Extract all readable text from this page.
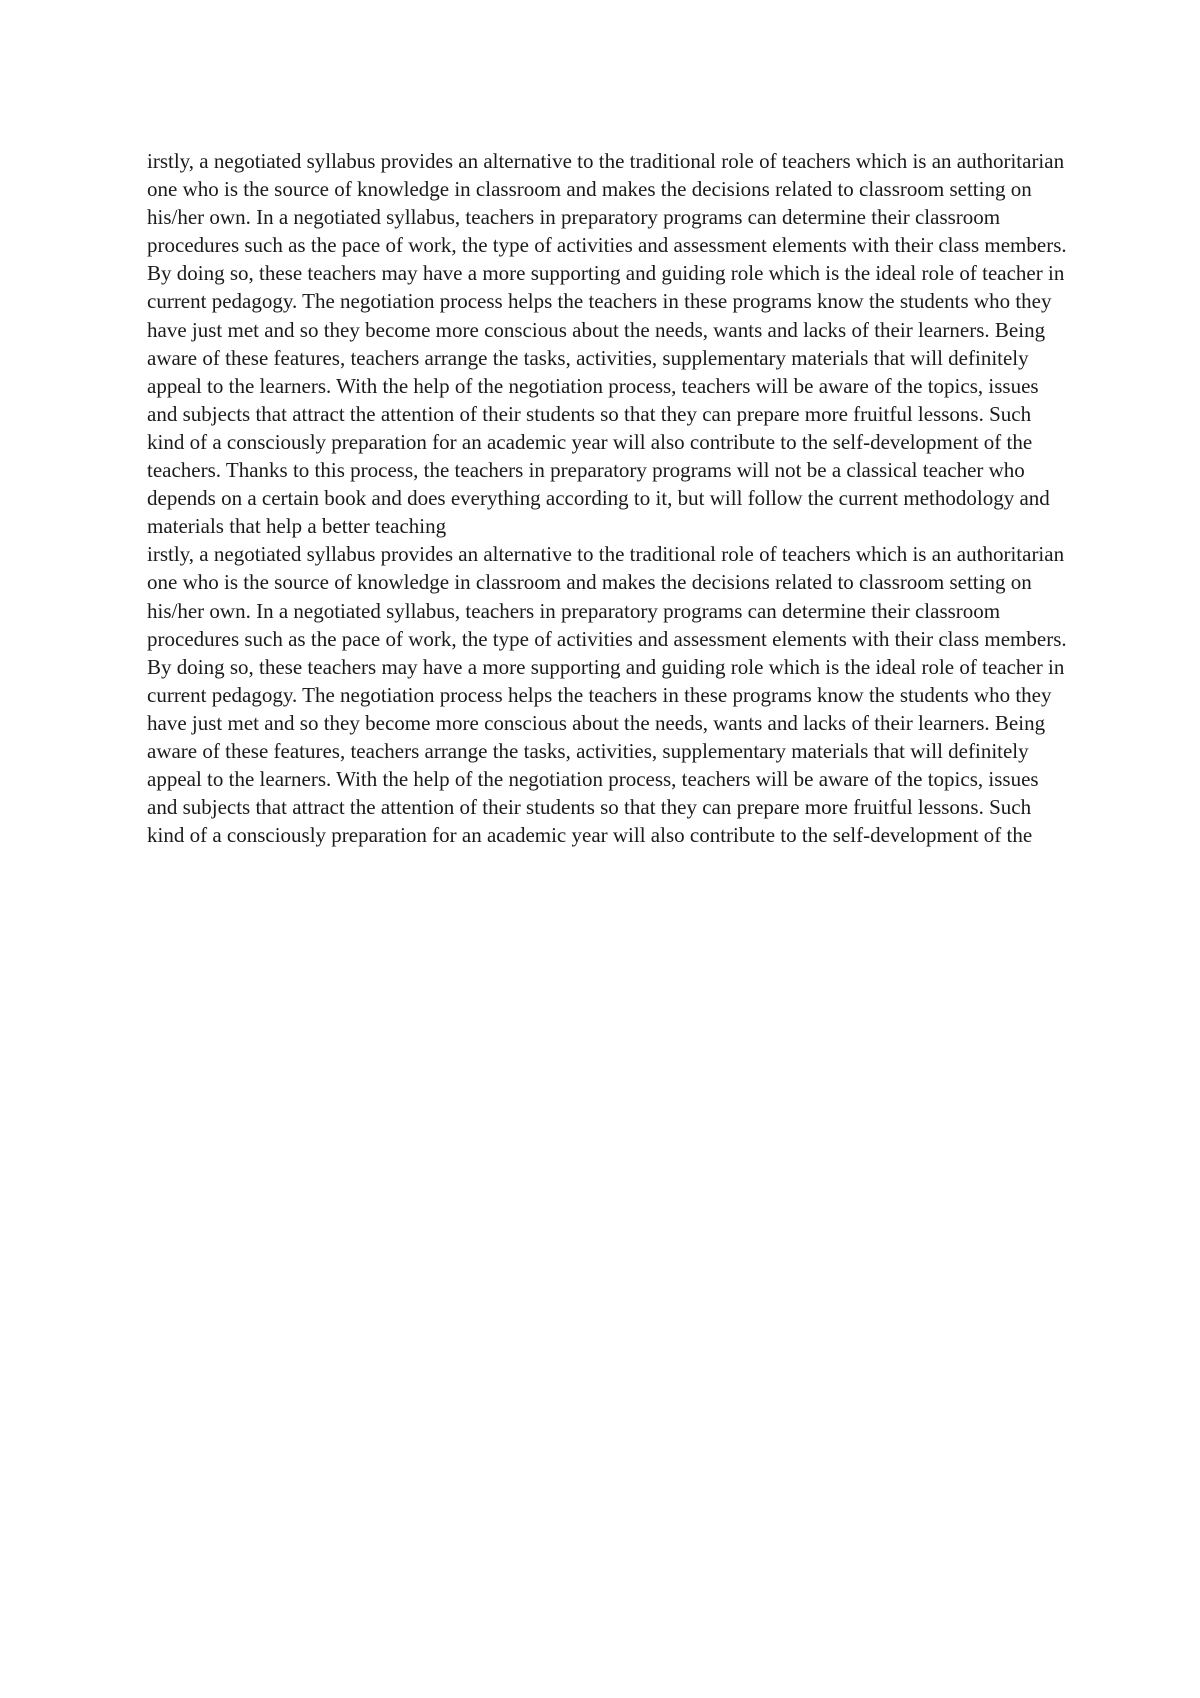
irstly, a negotiated syllabus provides an alternative to the traditional role of teachers which is an authoritarian
one who is the source of knowledge in classroom and makes the decisions related to classroom setting on
his/her own. In a negotiated syllabus, teachers in preparatory programs can determine their classroom
procedures such as the pace of work, the type of activities and assessment elements with their class members.
By doing so, these teachers may have a more supporting and guiding role which is the ideal role of teacher in
current pedagogy. The negotiation process helps the teachers in these programs know the students who they
have just met and so they become more conscious about the needs, wants and lacks of their learners. Being
aware of these features, teachers arrange the tasks, activities, supplementary materials that will definitely
appeal to the learners. With the help of the negotiation process, teachers will be aware of the topics, issues
and subjects that attract the attention of their students so that they can prepare more fruitful lessons. Such
kind of a consciously preparation for an academic year will also contribute to the self-development of the
teachers. Thanks to this process, the teachers in preparatory programs will not be a classical teacher who
depends on a certain book and does everything according to it, but will follow the current methodology and
materials that help a better teaching
irstly, a negotiated syllabus provides an alternative to the traditional role of teachers which is an authoritarian
one who is the source of knowledge in classroom and makes the decisions related to classroom setting on
his/her own. In a negotiated syllabus, teachers in preparatory programs can determine their classroom
procedures such as the pace of work, the type of activities and assessment elements with their class members.
By doing so, these teachers may have a more supporting and guiding role which is the ideal role of teacher in
current pedagogy. The negotiation process helps the teachers in these programs know the students who they
have just met and so they become more conscious about the needs, wants and lacks of their learners. Being
aware of these features, teachers arrange the tasks, activities, supplementary materials that will definitely
appeal to the learners. With the help of the negotiation process, teachers will be aware of the topics, issues
and subjects that attract the attention of their students so that they can prepare more fruitful lessons. Such
kind of a consciously preparation for an academic year will also contribute to the self-development of the
